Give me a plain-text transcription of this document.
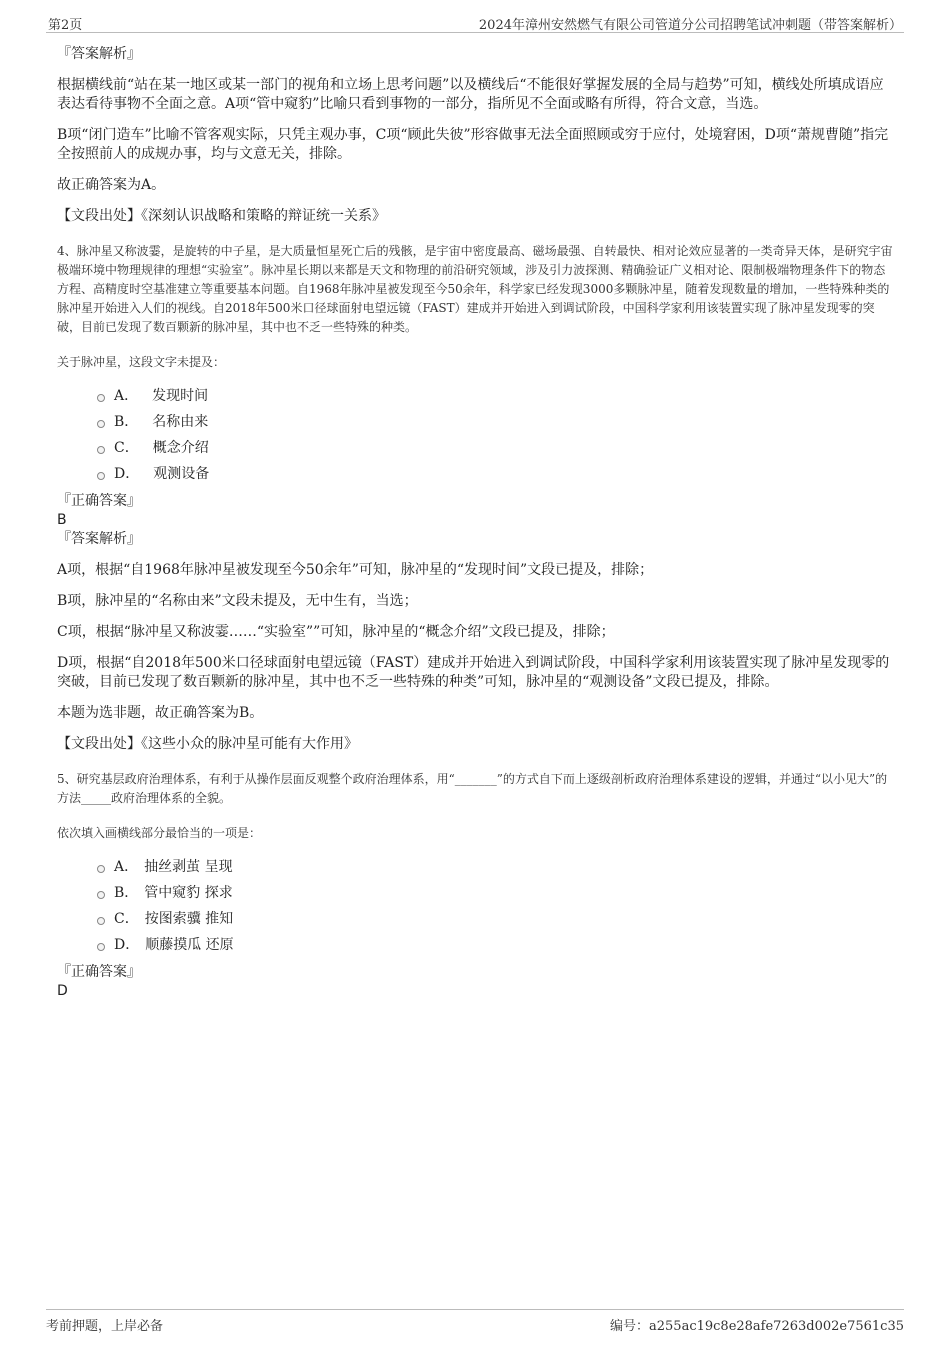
第2页	2024年漳州安然燃气有限公司管道分公司招聘笔试冲刺题（带答案解析）

『答案解析』

根据横线前“站在某一地区或某一部门的视角和立场上思考问题”以及横线后“不能很好掌握发展的全局与趋势”可知，横线处所填成语应表达看待事物不全面之意。A项“管中窥豹”比喻只看到事物的一部分，指所见不全面或略有所得，符合文意，当选。

B项“闭门造车”比喻不管客观实际，只凭主观办事，C项“顾此失彼”形容做事无法全面照顾或穷于应付，处境窘困，D项“萧规曹随”指完全按照前人的成规办事，均与文意无关，排除。

故正确答案为A。

【文段出处】《深刻认识战略和策略的辩证统一关系》

4、脉冲星又称波霎，是旋转的中子星，是大质量恒星死亡后的残骸，是宇宙中密度最高、磁场最强、自转最快、相对论效应显著的一类奇异天体，是研究宇宙极端环境中物理规律的理想“实验室”。脉冲星长期以来都是天文和物理的前沿研究领域，涉及引力波探测、精确验证广义相对论、限制极端物理条件下的物态方程、高精度时空基准建立等重要基本问题。自1968年脉冲星被发现至今50余年，科学家已经发现3000多颗脉冲星，随着发现数量的增加，一些特殊种类的脉冲星开始进入人们的视线。自2018年500米口径球面射电望远镜（FAST）建成并开始进入到调试阶段，中国科学家利用该装置实现了脉冲星发现零的突破，目前已发现了数百颗新的脉冲星，其中也不乏一些特殊的种类。

关于脉冲星，这段文字未提及：

A． 发现时间
B． 名称由来
C． 概念介绍
D． 观测设备

『正确答案』

B

『答案解析』

A项，根据“自1968年脉冲星被发现至今50余年”可知，脉冲星的“发现时间”文段已提及，排除；

B项，脉冲星的“名称由来”文段未提及，无中生有，当选；

C项，根据“脉冲星又称波霎……“实验室””可知，脉冲星的“概念介绍”文段已提及，排除；

D项，根据“自2018年500米口径球面射电望远镜（FAST）建成并开始进入到调试阶段，中国科学家利用该装置实现了脉冲星发现零的突破，目前已发现了数百颗新的脉冲星，其中也不乏一些特殊的种类”可知，脉冲星的“观测设备”文段已提及，排除。

本题为选非题，故正确答案为B。

【文段出处】《这些小众的脉冲星可能有大作用》

5、研究基层政府治理体系，有利于从操作层面反观整个政府治理体系，用“_______”的方式自下而上逐级剖析政府治理体系建设的逻辑，并通过“以小见大”的方法_____政府治理体系的全貌。

依次填入画横线部分最恰当的一项是：

A． 抽丝剥茧 呈现
B． 管中窥豹 探求
C． 按图索骥 推知
D． 顺藤摸瓜 还原

『正确答案』

D

考前押题，上岸必备	编号：a255ac19c8e28afe7263d002e7561c35
